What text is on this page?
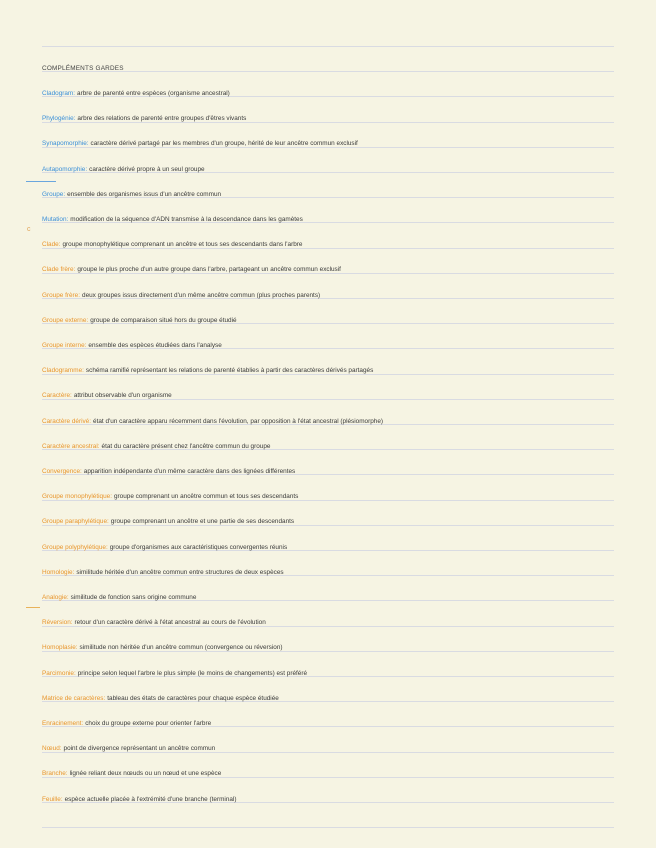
COMPLÉMENTS GARDES
Cladogram: arbre de parenté entre espèces (organisme ancestral)
Phylogénie: arbre des relations de parenté entre groupes d'êtres vivants
Synapomorphie: caractère dérivé partagé par les membres d'un groupe, hérité de leur ancêtre commun exclusif
Autapomorphie: caractère dérivé propre à un seul groupe
Groupe: ensemble des organismes issus d'un ancêtre commun
Mutation: modification de la séquence d'ADN transmise à la descendance dans les gamètes
Clade: groupe monophylétique comprenant un ancêtre et tous ses descendants dans l'arbre
Clade frère: groupe le plus proche d'un autre groupe dans l'arbre, partageant un ancêtre commun exclusif
Groupe frère: deux groupes issus directement d'un même ancêtre commun (plus proches parents)
Groupe externe: groupe de comparaison situé hors du groupe étudié
Groupe interne: ensemble des espèces étudiées dans l'analyse
Cladogramme: schéma ramifié représentant les relations de parenté établies à partir des caractères dérivés partagés
Caractère: attribut observable d'un organisme
Caractère dérivé: état d'un caractère apparu récemment dans l'évolution, par opposition à l'état ancestral (plésiomorphe)
Caractère ancestral: état du caractère présent chez l'ancêtre commun du groupe
Convergence: apparition indépendante d'un même caractère dans des lignées différentes
Groupe monophylétique: groupe comprenant un ancêtre commun et tous ses descendants
Groupe paraphylétique: groupe comprenant un ancêtre et une partie de ses descendants
Groupe polyphylétique: groupe d'organismes aux caractéristiques convergentes réunis
Homologie: similitude héritée d'un ancêtre commun entre structures de deux espèces
Analogie: similitude de fonction sans origine commune
Réversion: retour d'un caractère dérivé à l'état ancestral au cours de l'évolution
Homoplasie: similitude non héritée d'un ancêtre commun (convergence ou réversion)
Parcimonie: principe selon lequel l'arbre le plus simple (le moins de changements) est préféré
Matrice de caractères: tableau des états de caractères pour chaque espèce étudiée
Enracinement: choix du groupe externe pour orienter l'arbre
Nœud: point de divergence représentant un ancêtre commun
Branche: lignée reliant deux nœuds ou un nœud et une espèce
Feuille: espèce actuelle placée à l'extrémité d'une branche (terminal)
c
